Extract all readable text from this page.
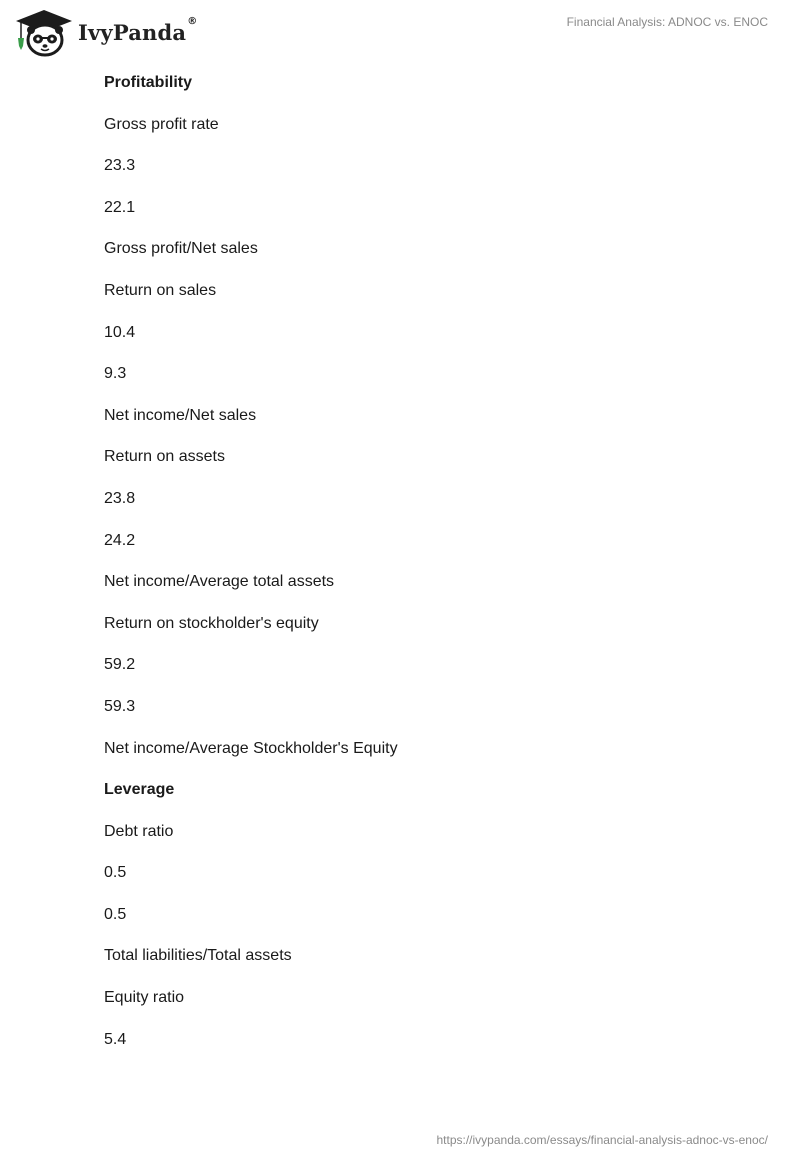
IvyPanda®	Financial Analysis: ADNOC vs. ENOC
Profitability
Gross profit rate
23.3
22.1
Gross profit/Net sales
Return on sales
10.4
9.3
Net income/Net sales
Return on assets
23.8
24.2
Net income/Average total assets
Return on stockholder's equity
59.2
59.3
Net income/Average Stockholder's Equity
Leverage
Debt ratio
0.5
0.5
Total liabilities/Total assets
Equity ratio
5.4
https://ivypanda.com/essays/financial-analysis-adnoc-vs-enoc/
